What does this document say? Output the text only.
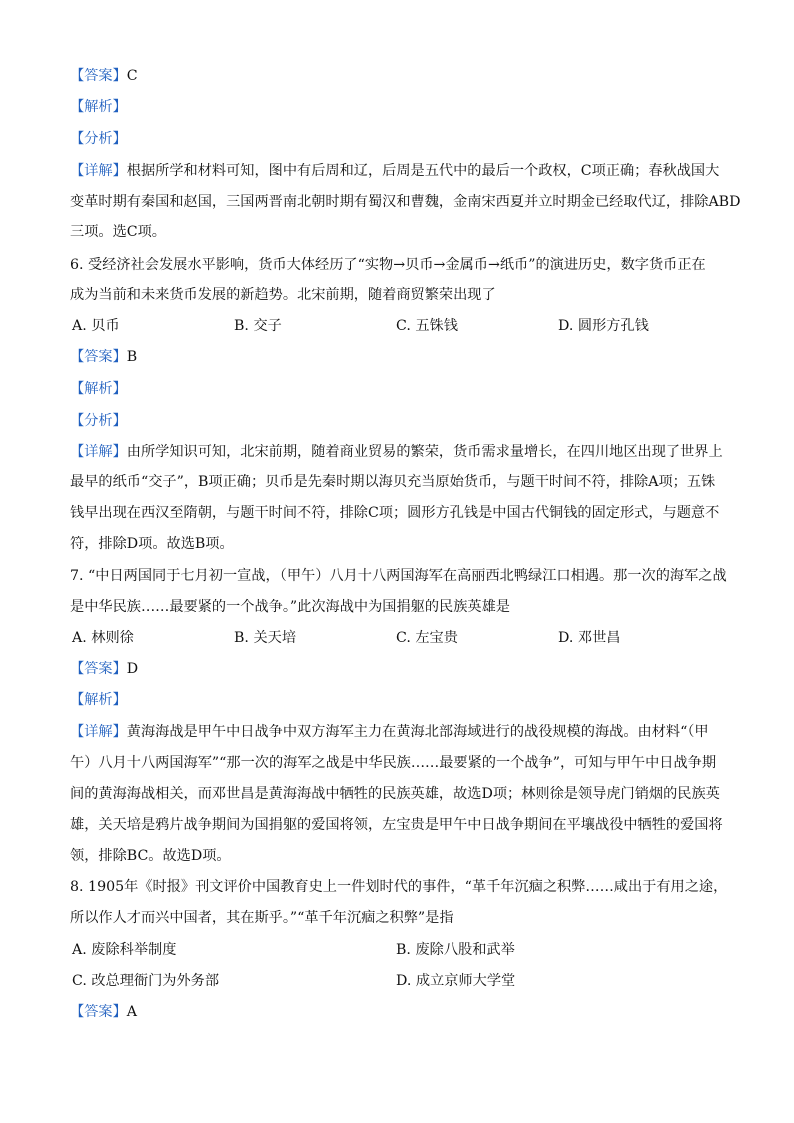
【答案】C
【解析】
【分析】
【详解】根据所学和材料可知，图中有后周和辽，后周是五代中的最后一个政权，C项正确；春秋战国大
变革时期有秦国和赵国，三国两晋南北朝时期有蜀汉和曹魏，金南宋西夏并立时期金已经取代辽，排除ABD
三项。选C项。
6. 受经济社会发展水平影响，货币大体经历了“实物→贝币→金属币→纸币”的演进历史，数字货币正在
成为当前和未来货币发展的新趋势。北宋前期，随着商贸繁荣出现了
A. 贝币	B. 交子	C. 五铢钱	D. 圆形方孔钱
【答案】B
【解析】
【分析】
【详解】由所学知识可知，北宋前期，随着商业贸易的繁荣，货币需求量增长，在四川地区出现了世界上
最早的纸币“交子”，B项正确；贝币是先秦时期以海贝充当原始货币，与题干时间不符，排除A项；五铢
钱早出现在西汉至隋朝，与题干时间不符，排除C项；圆形方孔钱是中国古代铜钱的固定形式，与题意不
符，排除D项。故选B项。
7. “中日两国同于七月初一宣战，（甲午）八月十八两国海军在高丽西北鸭绿江口相遇。那一次的海军之战
是中华民族……最要紧的一个战争。”此次海战中为国捐躯的民族英雄是
A. 林则徐	B. 关天培	C. 左宝贵	D. 邓世昌
【答案】D
【解析】
【详解】黄海海战是甲午中日战争中双方海军主力在黄海北部海域进行的战役规模的海战。由材料“（甲
午）八月十八两国海军”“那一次的海军之战是中华民族……最要紧的一个战争”，可知与甲午中日战争期
间的黄海海战相关，而邓世昌是黄海海战中牺牲的民族英雄，故选D项；林则徐是领导虎门销烟的民族英
雄，关天培是鸦片战争期间为国捐躯的爱国将领，左宝贵是甲午中日战争期间在平壤战役中牺牲的爱国将
领，排除BC。故选D项。
8. 1905年《时报》刊文评价中国教育史上一件划时代的事件，“革千年沉痼之积弊……咸出于有用之途，
所以作人才而兴中国者，其在斯乎。”“革千年沉痼之积弊”是指
A. 废除科举制度	B. 废除八股和武举
C. 改总理衙门为外务部	D. 成立京师大学堂
【答案】A
